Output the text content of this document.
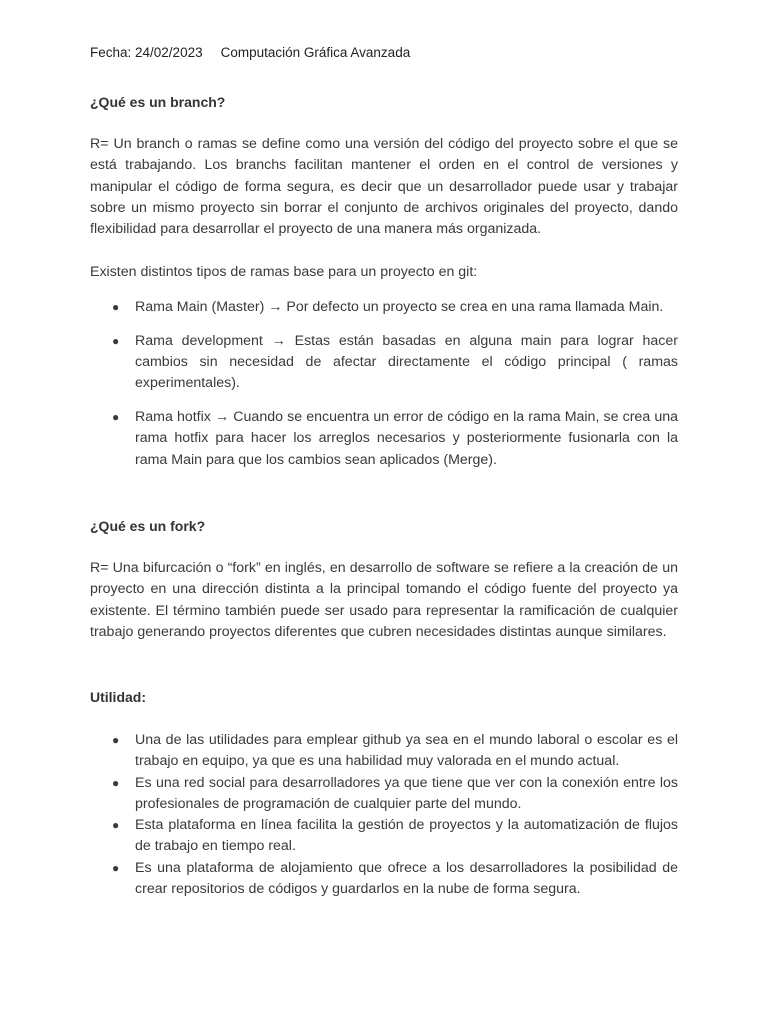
Fecha: 24/02/2023 Computación Gráfica Avanzada
¿Qué es un branch?

R= Un branch o ramas se define como una versión del código del proyecto sobre el que se está trabajando. Los branchs facilitan mantener el orden en el control de versiones y manipular el código de forma segura, es decir que un desarrollador puede usar y trabajar sobre un mismo proyecto sin borrar el conjunto de archivos originales del proyecto, dando flexibilidad para desarrollar el proyecto de una manera más organizada.

Existen distintos tipos de ramas base para un proyecto en git:

● Rama Main (Master) → Por defecto un proyecto se crea en una rama llamada Main.
● Rama development → Estas están basadas en alguna main para lograr hacer cambios sin necesidad de afectar directamente el código principal ( ramas experimentales).
● Rama hotfix → Cuando se encuentra un error de código en la rama Main, se crea una rama hotfix para hacer los arreglos necesarios y posteriormente fusionarla con la rama Main para que los cambios sean aplicados (Merge).
¿Qué es un fork?

R= Una bifurcación o “fork” en inglés, en desarrollo de software se refiere a la creación de un proyecto en una dirección distinta a la principal tomando el código fuente del proyecto ya existente. El término también puede ser usado para representar la ramificación de cualquier trabajo generando proyectos diferentes que cubren necesidades distintas aunque similares.

Utilidad:
● Una de las utilidades para emplear github ya sea en el mundo laboral o escolar es el trabajo en equipo, ya que es una habilidad muy valorada en el mundo actual.
● Es una red social para desarrolladores ya que tiene que ver con la conexión entre los profesionales de programación de cualquier parte del mundo.
● Esta plataforma en línea facilita la gestión de proyectos y la automatización de flujos de trabajo en tiempo real.
● Es una plataforma de alojamiento que ofrece a los desarrolladores la posibilidad de crear repositorios de códigos y guardarlos en la nube de forma segura.
